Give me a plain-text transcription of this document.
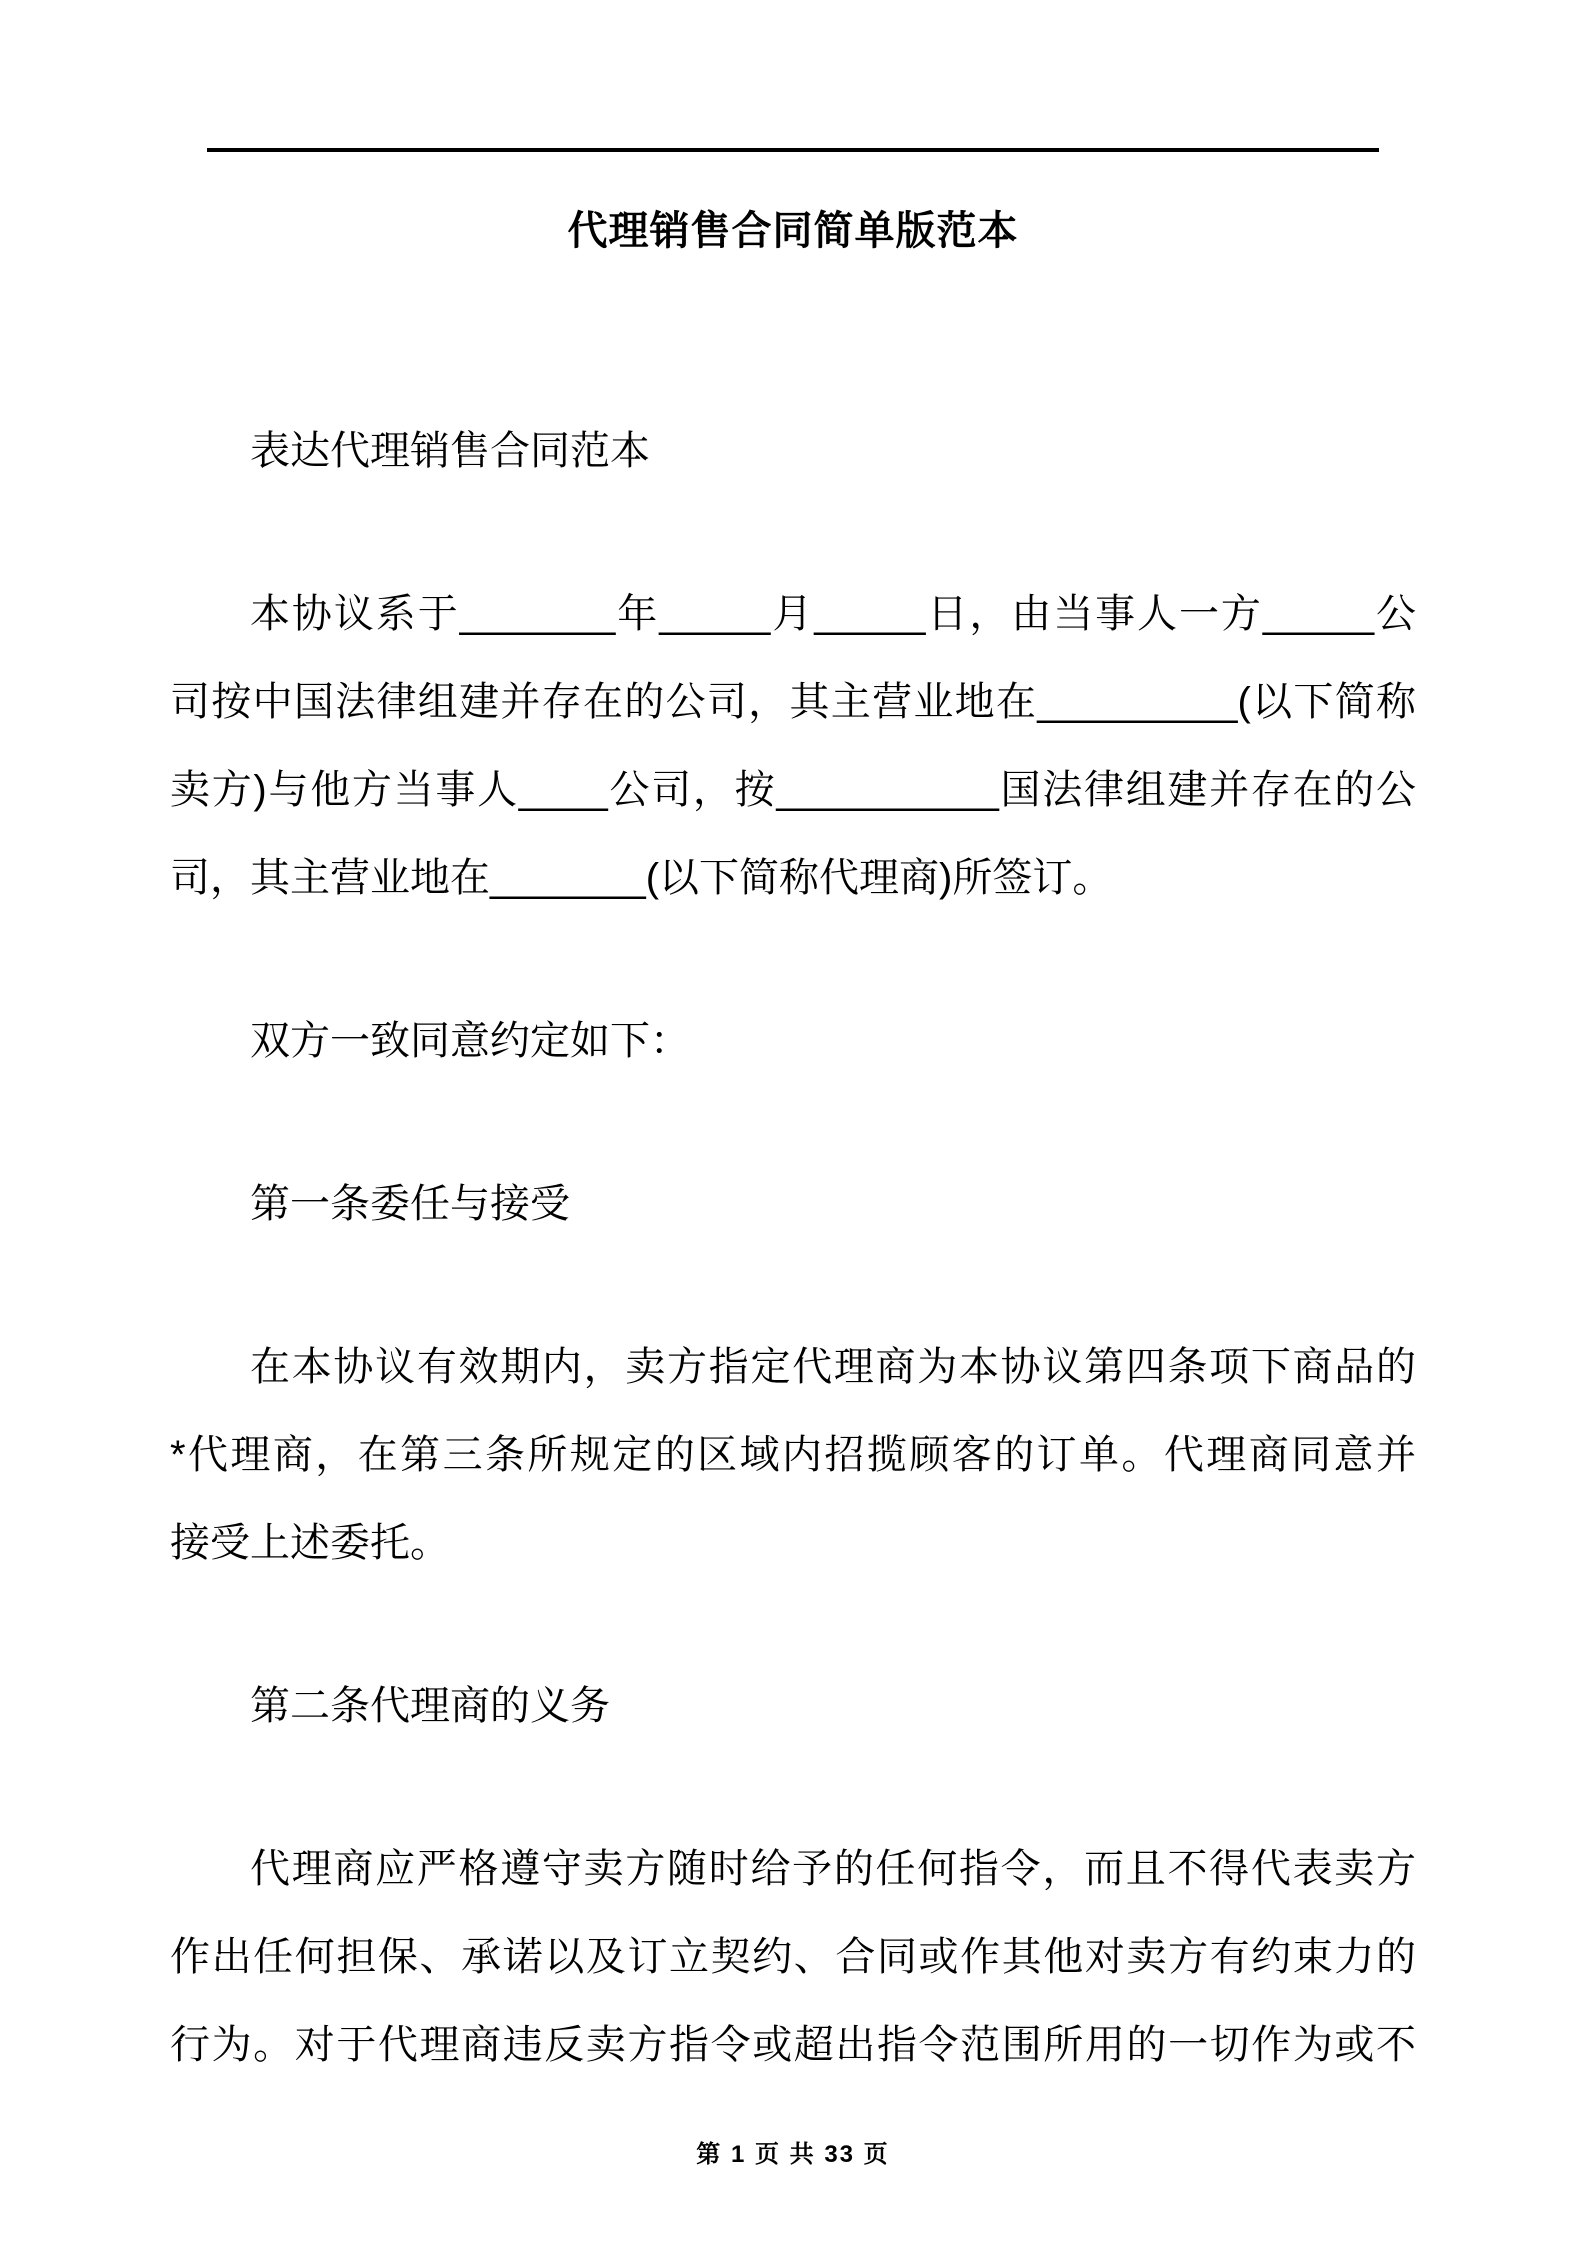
代理销售合同简单版范本
表达代理销售合同范本
本协议系于_______年_____月_____日，由当事人一方_____公
司按中国法律组建并存在的公司，其主营业地在_________(以下简称
卖方)与他方当事人____公司，按__________国法律组建并存在的公
司，其主营业地在_______(以下简称代理商)所签订。
双方一致同意约定如下：
第一条委任与接受
在本协议有效期内，卖方指定代理商为本协议第四条项下商品的
*代理商，在第三条所规定的区域内招揽顾客的订单。代理商同意并
接受上述委托。
第二条代理商的义务
代理商应严格遵守卖方随时给予的任何指令，而且不得代表卖方
作出任何担保、承诺以及订立契约、合同或作其他对卖方有约束力的
行为。对于代理商违反卖方指令或超出指令范围所用的一切作为或不
第 1 页 共 33 页
